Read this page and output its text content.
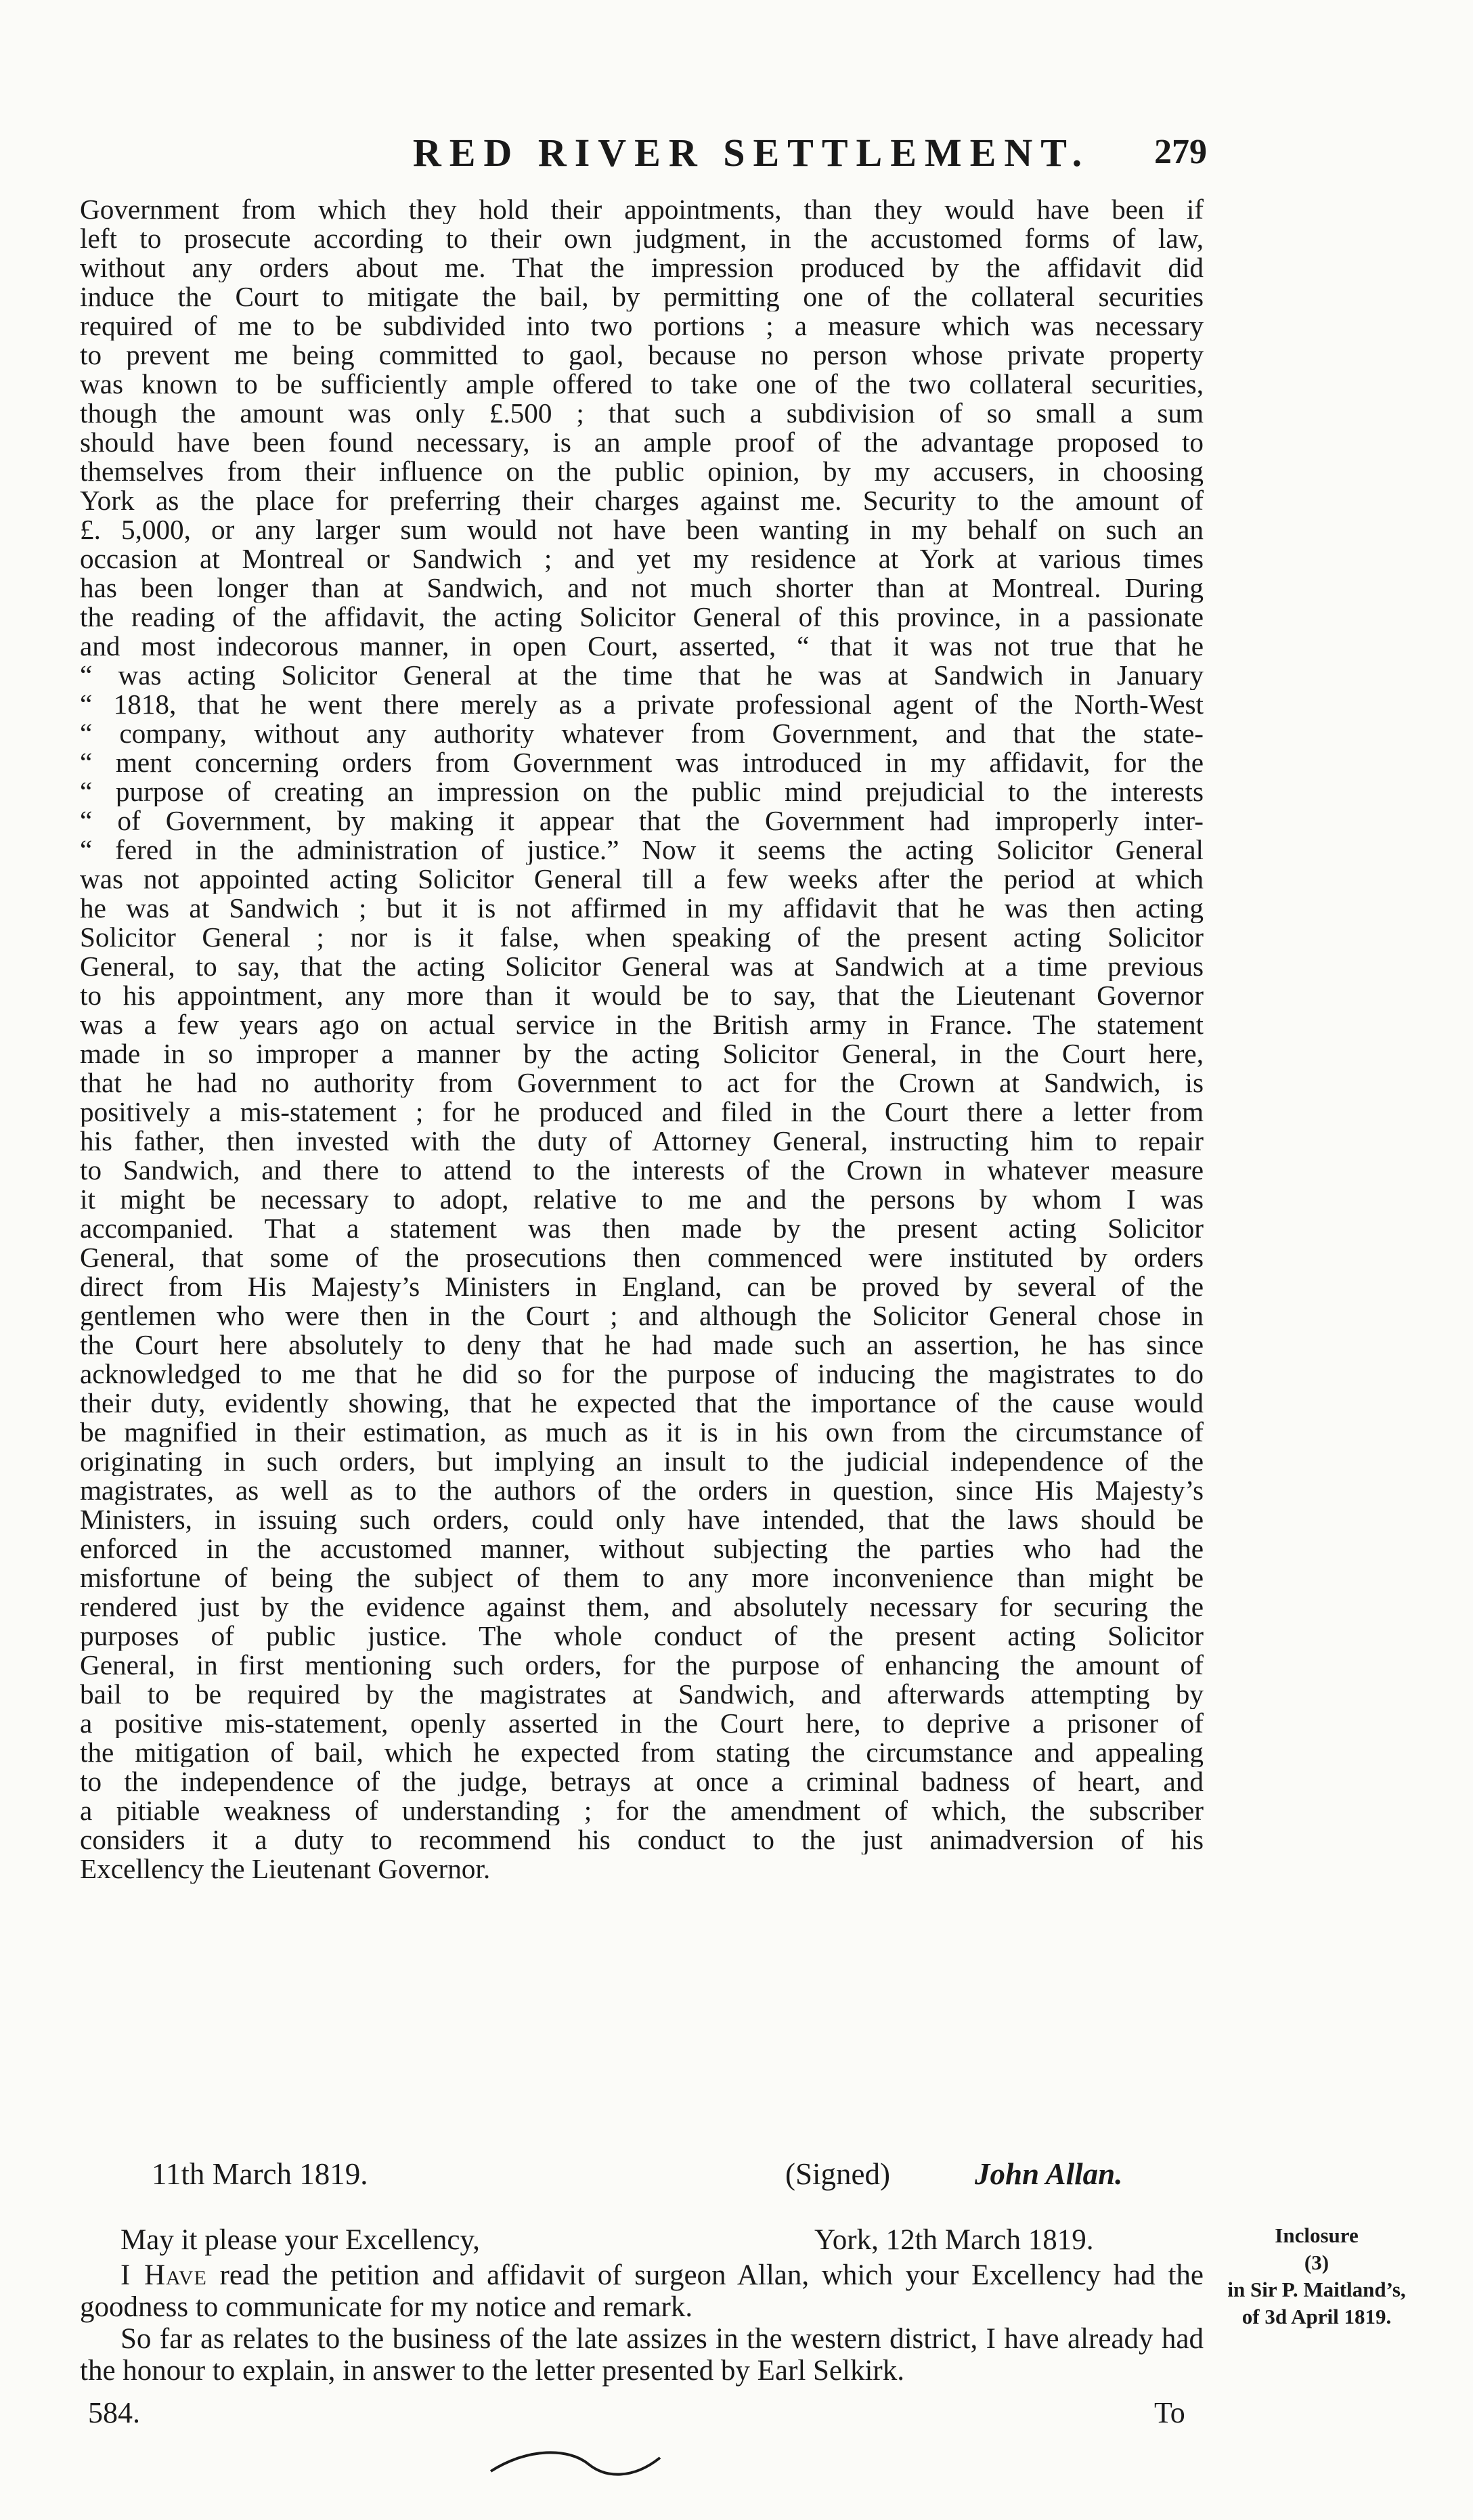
RED RIVER SETTLEMENT.	279
Government from which they hold their appointments, than they would have been if
left to prosecute according to their own judgment, in the accustomed forms of law,
without any orders about me. That the impression produced by the affidavit did
induce the Court to mitigate the bail, by permitting one of the collateral securities
required of me to be subdivided into two portions ; a measure which was necessary
to prevent me being committed to gaol, because no person whose private property
was known to be sufficiently ample offered to take one of the two collateral securities,
though the amount was only £.500 ; that such a subdivision of so small a sum
should have been found necessary, is an ample proof of the advantage proposed to
themselves from their influence on the public opinion, by my accusers, in choosing
York as the place for preferring their charges against me. Security to the amount of
£. 5,000, or any larger sum would not have been wanting in my behalf on such an
occasion at Montreal or Sandwich ; and yet my residence at York at various times
has been longer than at Sandwich, and not much shorter than at Montreal. During
the reading of the affidavit, the acting Solicitor General of this province, in a passionate
and most indecorous manner, in open Court, asserted, “ that it was not true that he
“ was acting Solicitor General at the time that he was at Sandwich in January
“ 1818, that he went there merely as a private professional agent of the North-West
“ company, without any authority whatever from Government, and that the state-
“ ment concerning orders from Government was introduced in my affidavit, for the
“ purpose of creating an impression on the public mind prejudicial to the interests
“ of Government, by making it appear that the Government had improperly inter-
“ fered in the administration of justice.” Now it seems the acting Solicitor General
was not appointed acting Solicitor General till a few weeks after the period at which
he was at Sandwich ; but it is not affirmed in my affidavit that he was then acting
Solicitor General ; nor is it false, when speaking of the present acting Solicitor
General, to say, that the acting Solicitor General was at Sandwich at a time previous
to his appointment, any more than it would be to say, that the Lieutenant Governor
was a few years ago on actual service in the British army in France. The statement
made in so improper a manner by the acting Solicitor General, in the Court here,
that he had no authority from Government to act for the Crown at Sandwich, is
positively a mis-statement ; for he produced and filed in the Court there a letter from
his father, then invested with the duty of Attorney General, instructing him to repair
to Sandwich, and there to attend to the interests of the Crown in whatever measure
it might be necessary to adopt, relative to me and the persons by whom I was
accompanied. That a statement was then made by the present acting Solicitor
General, that some of the prosecutions then commenced were instituted by orders
direct from His Majesty’s Ministers in England, can be proved by several of the
gentlemen who were then in the Court ; and although the Solicitor General chose in
the Court here absolutely to deny that he had made such an assertion, he has since
acknowledged to me that he did so for the purpose of inducing the magistrates to do
their duty, evidently showing, that he expected that the importance of the cause would
be magnified in their estimation, as much as it is in his own from the circumstance of
originating in such orders, but implying an insult to the judicial independence of the
magistrates, as well as to the authors of the orders in question, since His Majesty’s
Ministers, in issuing such orders, could only have intended, that the laws should be
enforced in the accustomed manner, without subjecting the parties who had the
misfortune of being the subject of them to any more inconvenience than might be
rendered just by the evidence against them, and absolutely necessary for securing the
purposes of public justice. The whole conduct of the present acting Solicitor
General, in first mentioning such orders, for the purpose of enhancing the amount of
bail to be required by the magistrates at Sandwich, and afterwards attempting by
a positive mis-statement, openly asserted in the Court here, to deprive a prisoner of
the mitigation of bail, which he expected from stating the circumstance and appealing
to the independence of the judge, betrays at once a criminal badness of heart, and
a pitiable weakness of understanding ; for the amendment of which, the subscriber
considers it a duty to recommend his conduct to the just animadversion of his
Excellency the Lieutenant Governor.
11th March 1819.	(Signed)	John Allan.
May it please your Excellency,	York, 12th March 1819.

I Have read the petition and affidavit of surgeon Allan, which your Excellency had the goodness to communicate for my notice and remark.

So far as relates to the business of the late assizes in the western district, I have already had the honour to explain, in answer to the letter presented by Earl Selkirk.

Inclosure
(3)
in Sir P. Maitland’s,
of 3d April 1819.
584.	To
